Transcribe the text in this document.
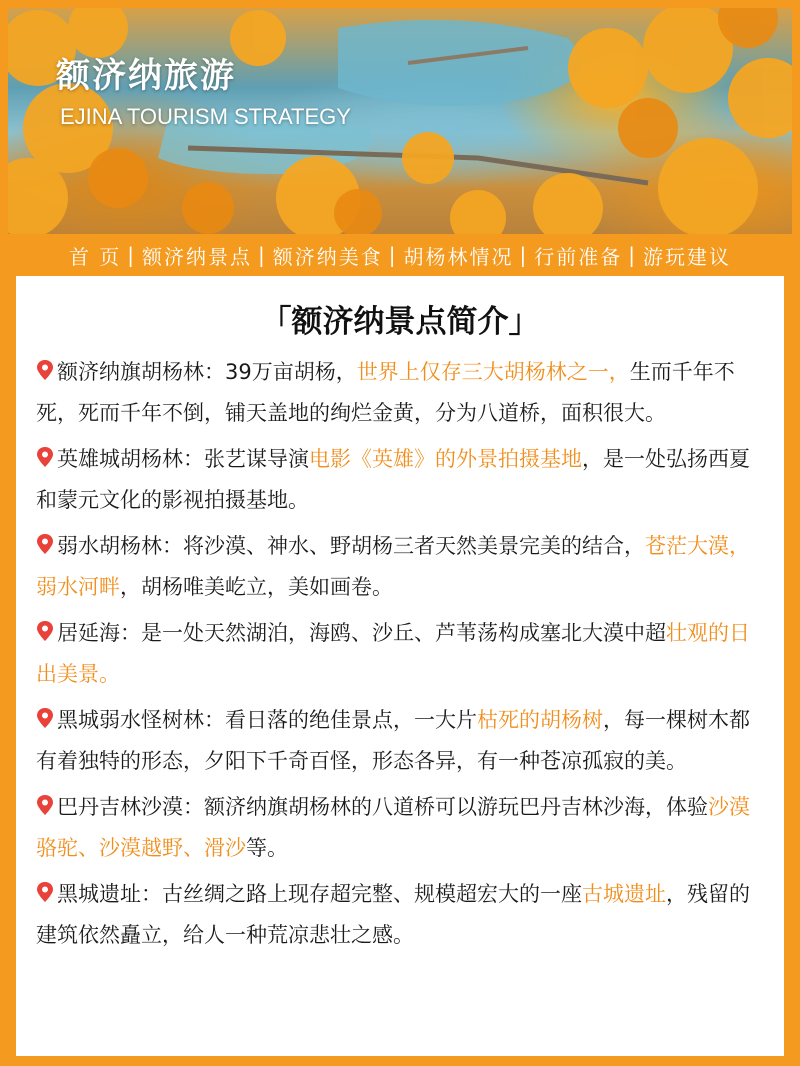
额济纳旅游
EJINA TOURISM STRATEGY
首 页 | 额济纳景点 | 额济纳美食 | 胡杨林情况 | 行前准备 | 游玩建议
「额济纳景点简介」
额济纳旗胡杨林：39万亩胡杨，世界上仅存三大胡杨林之一，生而千年不死，死而千年不倒，铺天盖地的绚烂金黄，分为八道桥，面积很大。
英雄城胡杨林：张艺谋导演电影《英雄》的外景拍摄基地，是一处弘扬西夏和蒙元文化的影视拍摄基地。
弱水胡杨林：将沙漠、神水、野胡杨三者天然美景完美的结合，苍茫大漠，弱水河畔，胡杨唯美屹立，美如画卷。
居延海：是一处天然湖泊，海鸥、沙丘、芦苇荡构成塞北大漠中超壮观的日出美景。
黑城弱水怪树林：看日落的绝佳景点，一大片枯死的胡杨树，每一棵树木都有着独特的形态，夕阳下千奇百怪，形态各异，有一种苍凉孤寂的美。
巴丹吉林沙漠：额济纳旗胡杨林的八道桥可以游玩巴丹吉林沙海，体验沙漠骆驼、沙漠越野、滑沙等。
黑城遗址：古丝绸之路上现存超完整、规模超宏大的一座古城遗址，残留的建筑依然矗立，给人一种荒凉悲壮之感。
